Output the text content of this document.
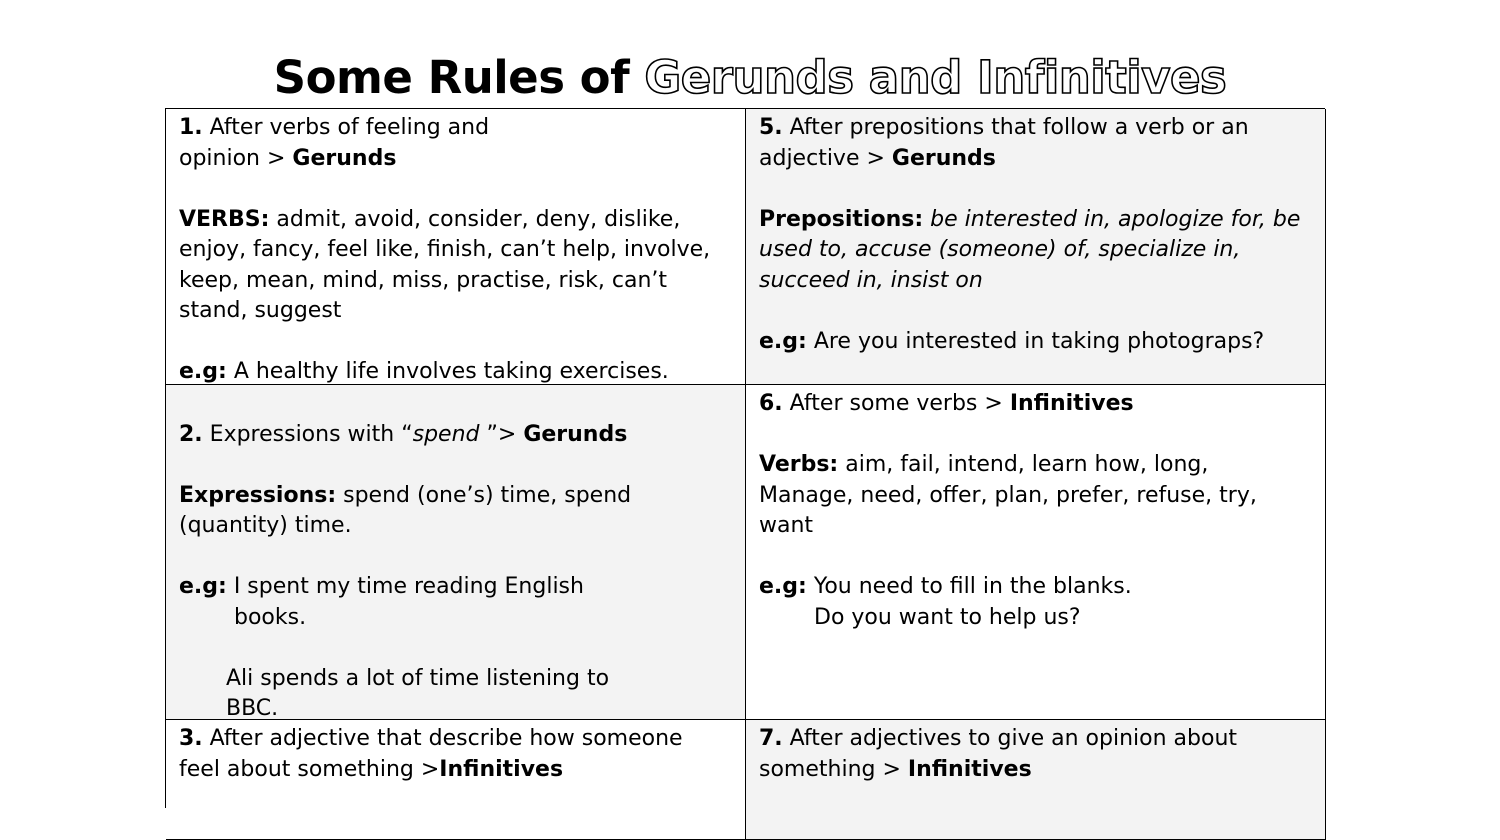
Some Rules of Gerunds and Infinitives
1. After verbs of feeling and
opinion > Gerunds
VERBS: admit, avoid, consider, deny, dislike,
enjoy, fancy, feel like, finish, can’t help, involve,
keep, mean, mind, miss, practise, risk, can’t
stand, suggest
e.g: A healthy life involves taking exercises.
5. After prepositions that follow a verb or an
adjective > Gerunds
Prepositions: be interested in, apologize for, be
used to, accuse (someone) of, specialize in,
succeed in, insist on
e.g: Are you interested in taking photograps?
2. Expressions with “spend ”> Gerunds
Expressions: spend (one’s) time, spend
(quantity) time.
e.g: I spent my time reading English
books.
Ali spends a lot of time listening to
BBC.
6. After some verbs > Infinitives
Verbs: aim, fail, intend, learn how, long,
Manage, need, offer, plan, prefer, refuse, try,
want
e.g: You need to fill in the blanks.
Do you want to help us?
3. After adjective that describe how someone
feel about something >Infinitives
7. After adjectives to give an opinion about
something > Infinitives
